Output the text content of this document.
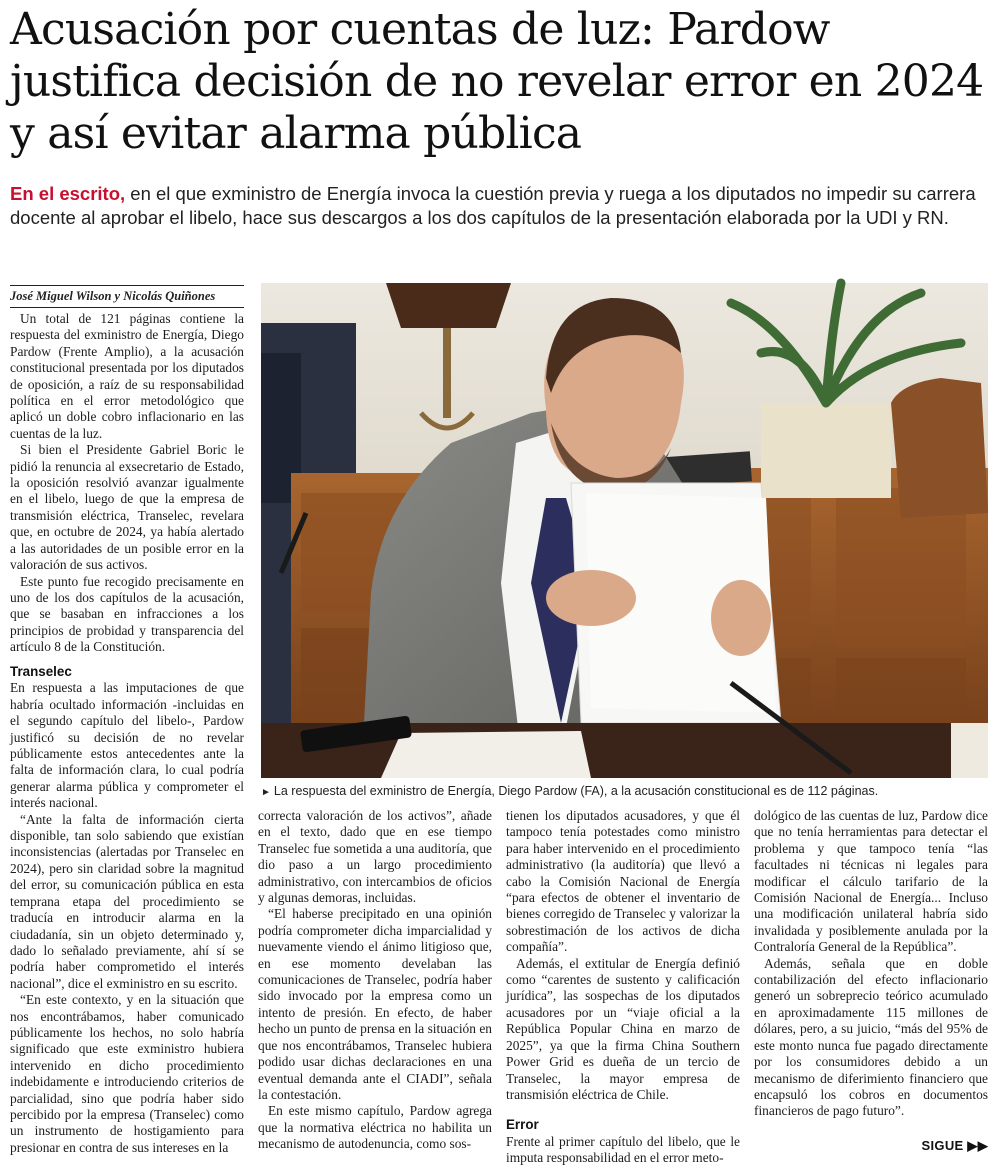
Acusación por cuentas de luz: Pardow justifica decisión de no revelar error en 2024 y así evitar alarma pública

En el escrito, en el que exministro de Energía invoca la cuestión previa y ruega a los diputados no impedir su carrera docente al aprobar el libelo, hace sus descargos a los dos capítulos de la presentación elaborada por la UDI y RN.

José Miguel Wilson y Nicolás Quiñones

Un total de 121 páginas contiene la respuesta del exministro de Energía, Diego Pardow (Frente Amplio), a la acusación constitucional presentada por los diputados de oposición, a raíz de su responsabilidad política en el error metodológico que aplicó un doble cobro inflacionario en las cuentas de la luz.

Si bien el Presidente Gabriel Boric le pidió la renuncia al exsecretario de Estado, la oposición resolvió avanzar igualmente en el libelo, luego de que la empresa de transmisión eléctrica, Transelec, revelara que, en octubre de 2024, ya había alertado a las autoridades de un posible error en la valoración de sus activos.

Este punto fue recogido precisamente en uno de los dos capítulos de la acusación, que se basaban en infracciones a los principios de probidad y transparencia del artículo 8 de la Constitución.

Transelec

En respuesta a las imputaciones de que habría ocultado información -incluidas en el segundo capítulo del libelo-, Pardow justificó su decisión de no revelar públicamente estos antecedentes ante la falta de información clara, lo cual podría generar alarma pública y comprometer el interés nacional.

“Ante la falta de información cierta disponible, tan solo sabiendo que existían inconsistencias (alertadas por Transelec en 2024), pero sin claridad sobre la magnitud del error, su comunicación pública en esta temprana etapa del procedimiento se traducía en introducir alarma en la ciudadanía, sin un objeto determinado y, dado lo señalado previamente, ahí sí se podría haber comprometido el interés nacional”, dice el exministro en su escrito.

“En este contexto, y en la situación que nos encontrábamos, haber comunicado públicamente los hechos, no solo habría significado que este exministro hubiera intervenido en dicho procedimiento indebidamente e introduciendo criterios de parcialidad, sino que podría haber sido percibido por la empresa (Transelec) como un instrumento de hostigamiento para presionar en contra de sus intereses en la

► La respuesta del exministro de Energía, Diego Pardow (FA), a la acusación constitucional es de 112 páginas.

correcta valoración de los activos”, añade en el texto, dado que en ese tiempo Transelec fue sometida a una auditoría, que dio paso a un largo procedimiento administrativo, con intercambios de oficios y algunas demoras, incluidas.

“El haberse precipitado en una opinión podría comprometer dicha imparcialidad y nuevamente viendo el ánimo litigioso que, en ese momento develaban las comunicaciones de Transelec, podría haber sido invocado por la empresa como un intento de presión. En efecto, de haber hecho un punto de prensa en la situación en que nos encontrábamos, Transelec hubiera podido usar dichas declaraciones en una eventual demanda ante el CIADI”, señala la contestación.

En este mismo capítulo, Pardow agrega que la normativa eléctrica no habilita un mecanismo de autodenuncia, como sos-

tienen los diputados acusadores, y que él tampoco tenía potestades como ministro para haber intervenido en el procedimiento administrativo (la auditoría) que llevó a cabo la Comisión Nacional de Energía “para efectos de obtener el inventario de bienes corregido de Transelec y valorizar la sobrestimación de los activos de dicha compañía”.

Además, el extitular de Energía definió como “carentes de sustento y calificación jurídica”, las sospechas de los diputados acusadores por un “viaje oficial a la República Popular China en marzo de 2025”, ya que la firma China Southern Power Grid es dueña de un tercio de Transelec, la mayor empresa de transmisión eléctrica de Chile.

Error

Frente al primer capítulo del libelo, que le imputa responsabilidad en el error meto-

dológico de las cuentas de luz, Pardow dice que no tenía herramientas para detectar el problema y que tampoco tenía “las facultades ni técnicas ni legales para modificar el cálculo tarifario de la Comisión Nacional de Energía... Incluso una modificación unilateral habría sido invalidada y posiblemente anulada por la Contraloría General de la República”.

Además, señala que en doble contabilización del efecto inflacionario generó un sobreprecio teórico acumulado en aproximadamente 115 millones de dólares, pero, a su juicio, “más del 95% de este monto nunca fue pagado directamente por los consumidores debido a un mecanismo de diferimiento financiero que encapsuló los cobros en documentos financieros de pago futuro”.

SIGUE ▶▶
